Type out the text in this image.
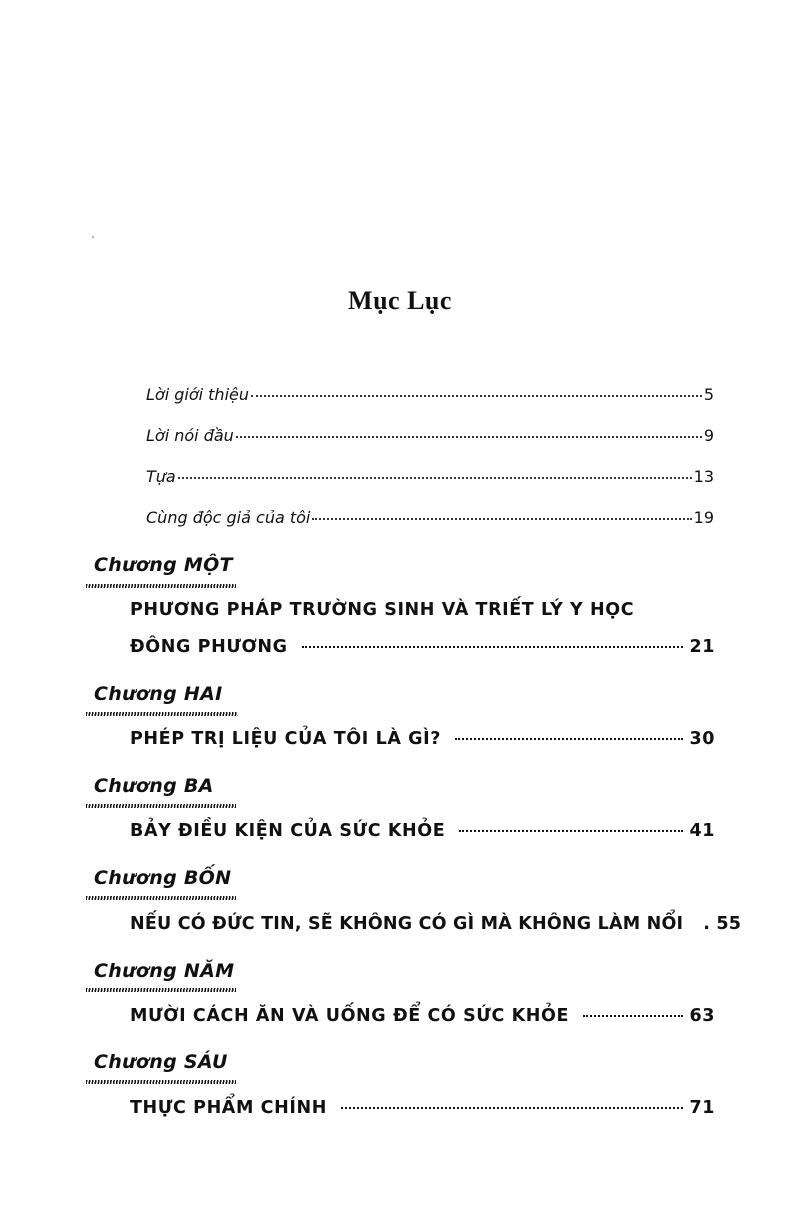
Mục Lục
Lời giới thiệu	5
Lời nói đầu	9
Tựa	13
Cùng độc giả của tôi	19
Chương MỘT
PHƯƠNG PHÁP TRƯỜNG SINH VÀ TRIẾT LÝ Y HỌC
ĐÔNG PHƯƠNG	21
Chương HAI
PHÉP TRỊ LIỆU CỦA TÔI LÀ GÌ?	30
Chương BA
BẢY ĐIỀU KIỆN CỦA SỨC KHỎE	41
Chương BỐN
NẾU CÓ ĐỨC TIN, SẼ KHÔNG CÓ GÌ MÀ KHÔNG LÀM NỔI . 55
Chương NĂM
MƯỜI CÁCH ĂN VÀ UỐNG ĐỂ CÓ SỨC KHỎE	63
Chương SÁU
THỰC PHẨM CHÍNH	71
